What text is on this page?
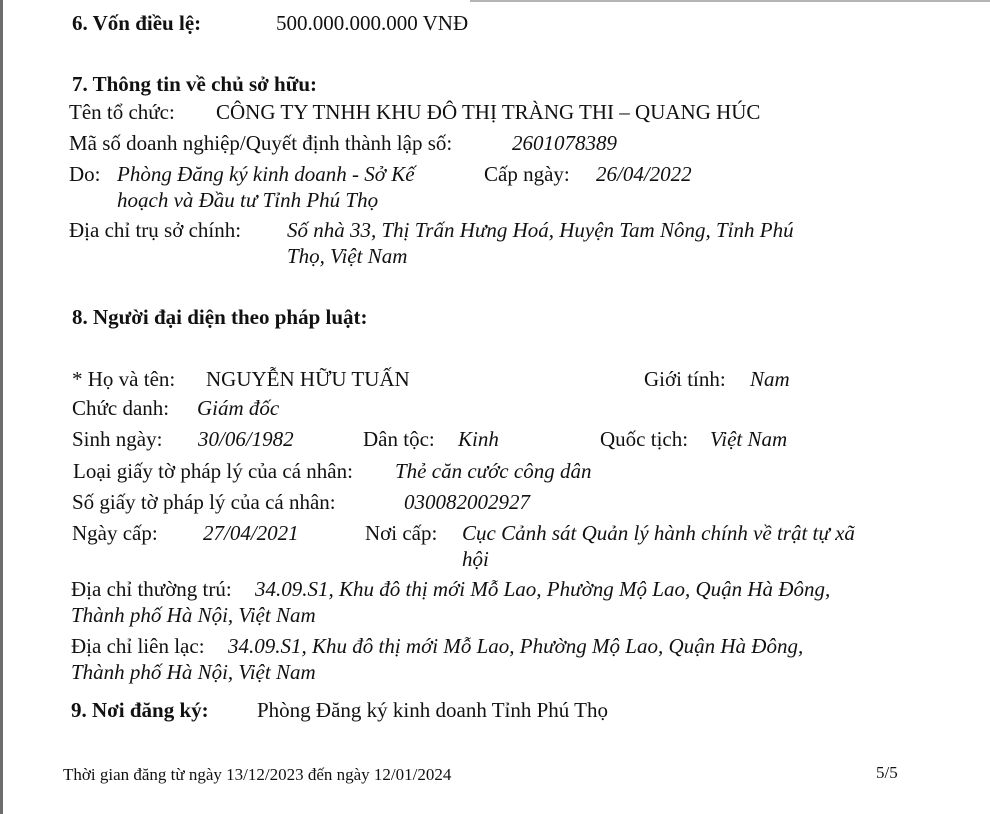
6. Vốn điều lệ:	500.000.000.000 VNĐ
7. Thông tin về chủ sở hữu:
Tên tổ chức: CÔNG TY TNHH KHU ĐÔ THỊ TRÀNG THI – QUANG HÚC
Mã số doanh nghiệp/Quyết định thành lập số:	2601078389
Do: Phòng Đăng ký kinh doanh - Sở Kế
hoạch và Đầu tư Tỉnh Phú Thọ
Cấp ngày: 26/04/2022
Địa chỉ trụ sở chính: Số nhà 33, Thị Trấn Hưng Hoá, Huyện Tam Nông, Tỉnh Phú
Thọ, Việt Nam
8. Người đại diện theo pháp luật:
* Họ và tên: NGUYỄN HỮU TUẤN	Giới tính: Nam
Chức danh: Giám đốc
Sinh ngày: 30/06/1982	Dân tộc: Kinh	Quốc tịch: Việt Nam
Loại giấy tờ pháp lý của cá nhân: Thẻ căn cước công dân
Số giấy tờ pháp lý của cá nhân:	030082002927
Ngày cấp: 27/04/2021	Nơi cấp: Cục Cảnh sát Quản lý hành chính về trật tự xã
hội
Địa chỉ thường trú: 34.09.S1, Khu đô thị mới Mỗ Lao, Phường Mộ Lao, Quận Hà Đông,
Thành phố Hà Nội, Việt Nam
Địa chỉ liên lạc: 34.09.S1, Khu đô thị mới Mỗ Lao, Phường Mộ Lao, Quận Hà Đông,
Thành phố Hà Nội, Việt Nam
9. Nơi đăng ký: Phòng Đăng ký kinh doanh Tỉnh Phú Thọ
Thời gian đăng từ ngày 13/12/2023 đến ngày 12/01/2024	5/5
